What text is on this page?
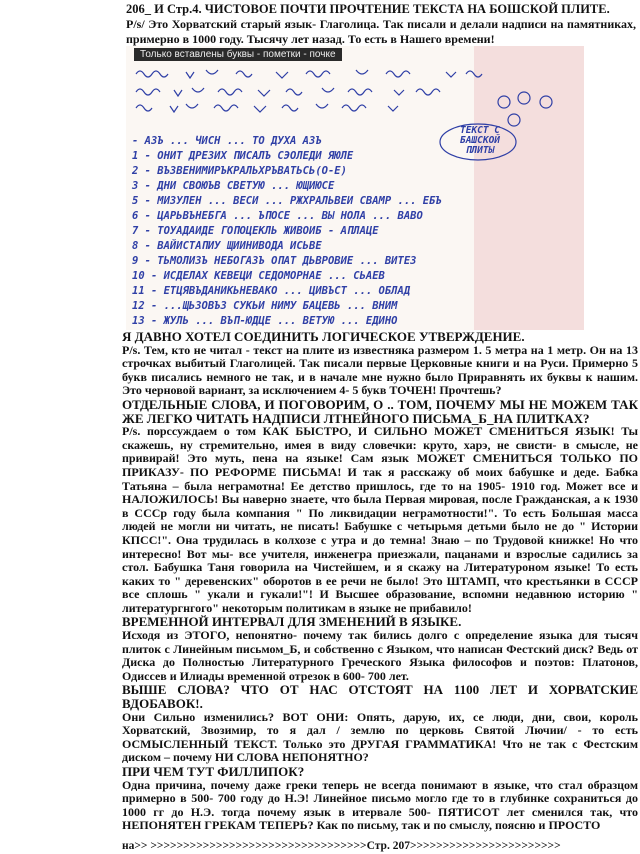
206_ И Стр.4. ЧИСТОВОЕ ПОЧТИ ПРОЧТЕНИЕ ТЕКСТА НА БОШСКОЙ ПЛИТЕ.
P/s/ Это Хорватский старый язык- Глаголица. Так писали и делали надписи на памятниках, примерно в 1000 году. Тысячу лет назад. То есть в Нашего времени!
Только вставлены буквы - пометки - почке
ТЕКСТ С БАШСКОЙ ПЛИТЫ
- АЗЪ ... ЧИСН ... ТО ДУХА АЗЪ
1 - ОНИТ ДРЕЗИХ ПИСАЛЪ СЭОЛЕДИ ЯЮЛЕ
2 - ВЪЗВЕНИМИРЪКРАЛЬХРЪВАТЬСЬ(О-Е)
3 - ДНИ СВОЮЪВ СВЕТУЮ ... ЮЩИЮСЕ
5 - МИЗУЛЕН ... ВЕСИ ... РЖХРАЛЬВЕИ СВАМР ... ЕБЪ
6 - ЦАРЬВЪНЕБГА ... ЪПОСЕ ... ВЫ НОЛА ... ВАВО
7 - ТОУАДАИДЕ ГОПОЦЕКЛЬ ЖИВОИБ - АПЛАЦЕ
8 - ВАЙИСТАПИУ ЩИИНИВОДА ИСЬВЕ
9 - ТЬМОЛИЗЪ НЕБОГАЗЪ ОПАТ ДЬВРОВИЕ ... ВИТЕЗ
10 - ИСДЕЛАХ КЕВЕЦИ СЕДОМОРНАЕ ... СЬАЕВ
11 - ЕТЦЯВЪДАНИКЬНЕВАКО ... ЦИВЪСТ ... ОБЛАД
12 - ...ЩЬЗОВЪЗ СУКЬИ НИМУ БАЦЕВЬ ... ВНИМ
13 - ЖУЛЬ ... ВЪП-ЮДЦЕ ... ВЕТУЮ ... ЕДИНО

Я ДАВНО ХОТЕЛ СОЕДИНИТЬ ЛОГИЧЕСКОЕ УТВЕРЖДЕНИЕ.

P/s. Тем, кто не читал - текст на плите из известняка размером 1. 5 метра на 1 метр. Он на 13 строчках выбитый Глаголицей. Так писали первые Церковные книги и на Руси. Примерно 5 букв писались немного не так, и в начале мне нужно было Приравнять их буквы к нашим. Это черновой вариант, за исключением 4- 5 букв ТОЧЕН! Прочтешь?

ОТДЕЛЬНЫЕ СЛОВА, И ПОГОВОРИМ, О .. ТОМ, ПОЧЕМУ МЫ НЕ МОЖЕМ ТАК ЖЕ ЛЕГКО ЧИТАТЬ НАДПИСИ ЛТНЕЙНОГО ПИСЬМА_Б_НА ПЛИТКАХ?

P/s. порссуждаем о том КАК БЫСТРО, И СИЛЬНО МОЖЕТ СМЕНИТЬСЯ ЯЗЫК! Ты скажешь, ну стремительно, имея в виду словечки: круто, харэ, не свисти- в смысле, не привирай! Это муть, пена на языке! Сам язык МОЖЕТ СМЕНИТЬСЯ ТОЛЬКО ПО ПРИКАЗУ- ПО РЕФОРМЕ ПИСЬМА! И так я расскажу об моих бабушке и деде. Бабка Татьяна – была неграмотна! Ее детство пришлось, где то на 1905- 1910 год. Может все и НАЛОЖИЛОСЬ! Вы наверно знаете, что была Первая мировая, после Гражданская, а к 1930 в СССр году была компания " По ликвидации неграмотности!". То есть Большая масса людей не могли ни читать, не писать! Бабушке с четырьмя детьми было не до " Истории КПСС!". Она трудилась в колхозе с утра и до темна! Знаю – по Трудовой книжке! Но что интересно! Вот мы- все учителя, инженегра приезжали, пацанами и взрослые садились за стол. Бабушка Таня говорила на Чистейшем, и я скажу на Литературоном языке! То есть каких то " деревенских" оборотов в ее речи не было! Это ШТАМП, что крестьянки в СССР все сплошь " укали и гукали!"! И Высшее образование, вспомни недавнюю историю " литератургнгого" некоторым политикам в языке не прибавило!

ВРЕМЕННОЙ ИНТЕРВАЛ ДЛЯ ЗМЕНЕНИЙ В ЯЗЫКЕ.

Исходя из ЭТОГО, непонятно- почему так бились долго с определение языка для тысяч плиток с Линейным письмом_Б, и собственно с Языком, что написан Фестский диск? Ведь от Диска до Полностью Литературного Греческого Языка философов и поэтов: Платонов, Одиссев и Илиады временной отрезок в 600- 700 лет.

ВЫШЕ СЛОВА? ЧТО ОТ НАС ОТСТОЯТ НА 1100 ЛЕТ И ХОРВАТСКИЕ ВДОБАВОК!.

Они Сильно изменились? ВОТ ОНИ: Опять, дарую, их, се люди, дни, свои, король Хорватский, Звозимир, то я дал / землю по церковь Святой Лючии/ - то есть ОСМЫСЛЕННЫЙ ТЕКСТ. Только это ДРУГАЯ ГРАММАТИКА! Что не так с Фестским диском – почему НИ СЛОВА НЕПОНЯТНО?

ПРИ ЧЕМ ТУТ ФИЛЛИПОК?

Одна причина, почему даже греки теперь не всегда понимают в языке, что стал образцом примерно в 500- 700 году до Н.Э! Линейное письмо могло где то в глубинке сохраниться до 1000 гг до Н.Э. тогда почему язык в итервале 500- ПЯТИСОТ лет сменился так, что НЕПОНЯТЕН ГРЕКАМ ТЕПЕРЬ? Как по письму, так и по смыслу, поясню и ПРОСТО

на>> >>>>>>>>>>>>>>>>>>>>>>>>>>>>>>>>>Стр. 207>>>>>>>>>>>>>>>>>>>>>>>
